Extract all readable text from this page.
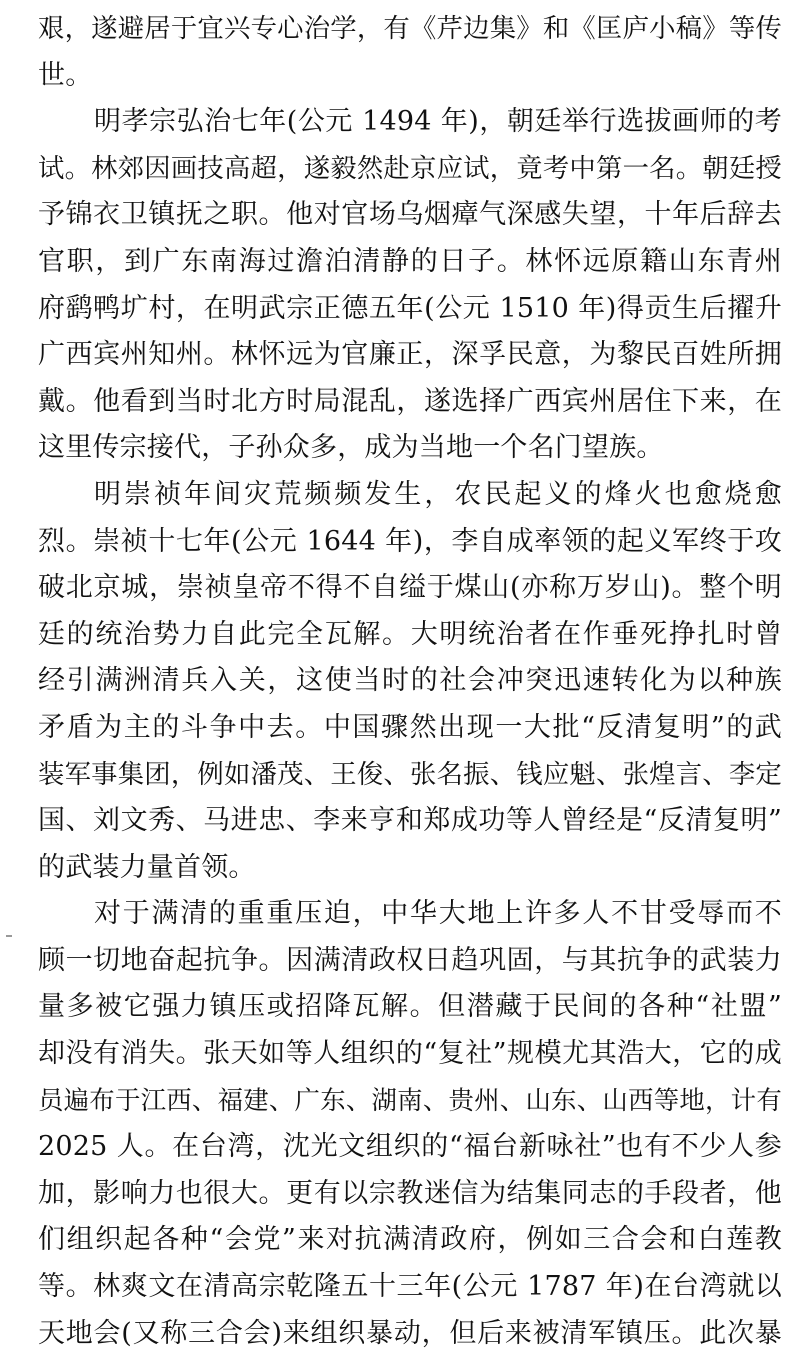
艰，遂避居于宜兴专心治学，有《芹边集》和《匡庐小稿》等传
世。
明孝宗弘治七年(公元 1494 年)，朝廷举行选拔画师的考
试。林郊因画技高超，遂毅然赴京应试，竟考中第一名。朝廷授
予锦衣卫镇抚之职。他对官场乌烟瘴气深感失望，十年后辞去
官职，到广东南海过澹泊清静的日子。林怀远原籍山东青州
府鹞鸭圹村，在明武宗正德五年(公元 1510 年)得贡生后擢升
广西宾州知州。林怀远为官廉正，深孚民意，为黎民百姓所拥
戴。他看到当时北方时局混乱，遂选择广西宾州居住下来，在
这里传宗接代，子孙众多，成为当地一个名门望族。
明崇祯年间灾荒频频发生，农民起义的烽火也愈烧愈
烈。崇祯十七年(公元 1644 年)，李自成率领的起义军终于攻
破北京城，崇祯皇帝不得不自缢于煤山(亦称万岁山)。整个明
廷的统治势力自此完全瓦解。大明统治者在作垂死挣扎时曾
经引满洲清兵入关，这使当时的社会冲突迅速转化为以种族
矛盾为主的斗争中去。中国骤然出现一大批“反清复明”的武
装军事集团，例如潘茂、王俊、张名振、钱应魁、张煌言、李定
国、刘文秀、马进忠、李来亨和郑成功等人曾经是“反清复明”
的武装力量首领。
对于满清的重重压迫，中华大地上许多人不甘受辱而不
顾一切地奋起抗争。因满清政权日趋巩固，与其抗争的武装力
量多被它强力镇压或招降瓦解。但潜藏于民间的各种“社盟”
却没有消失。张天如等人组织的“复社”规模尤其浩大，它的成
员遍布于江西、福建、广东、湖南、贵州、山东、山西等地，计有
2025 人。在台湾，沈光文组织的“福台新咏社”也有不少人参
加，影响力也很大。更有以宗教迷信为结集同志的手段者，他
们组织起各种“会党”来对抗满清政府，例如三合会和白莲教
等。林爽文在清高宗乾隆五十三年(公元 1787 年)在台湾就以
天地会(又称三合会)来组织暴动，但后来被清军镇压。此次暴
